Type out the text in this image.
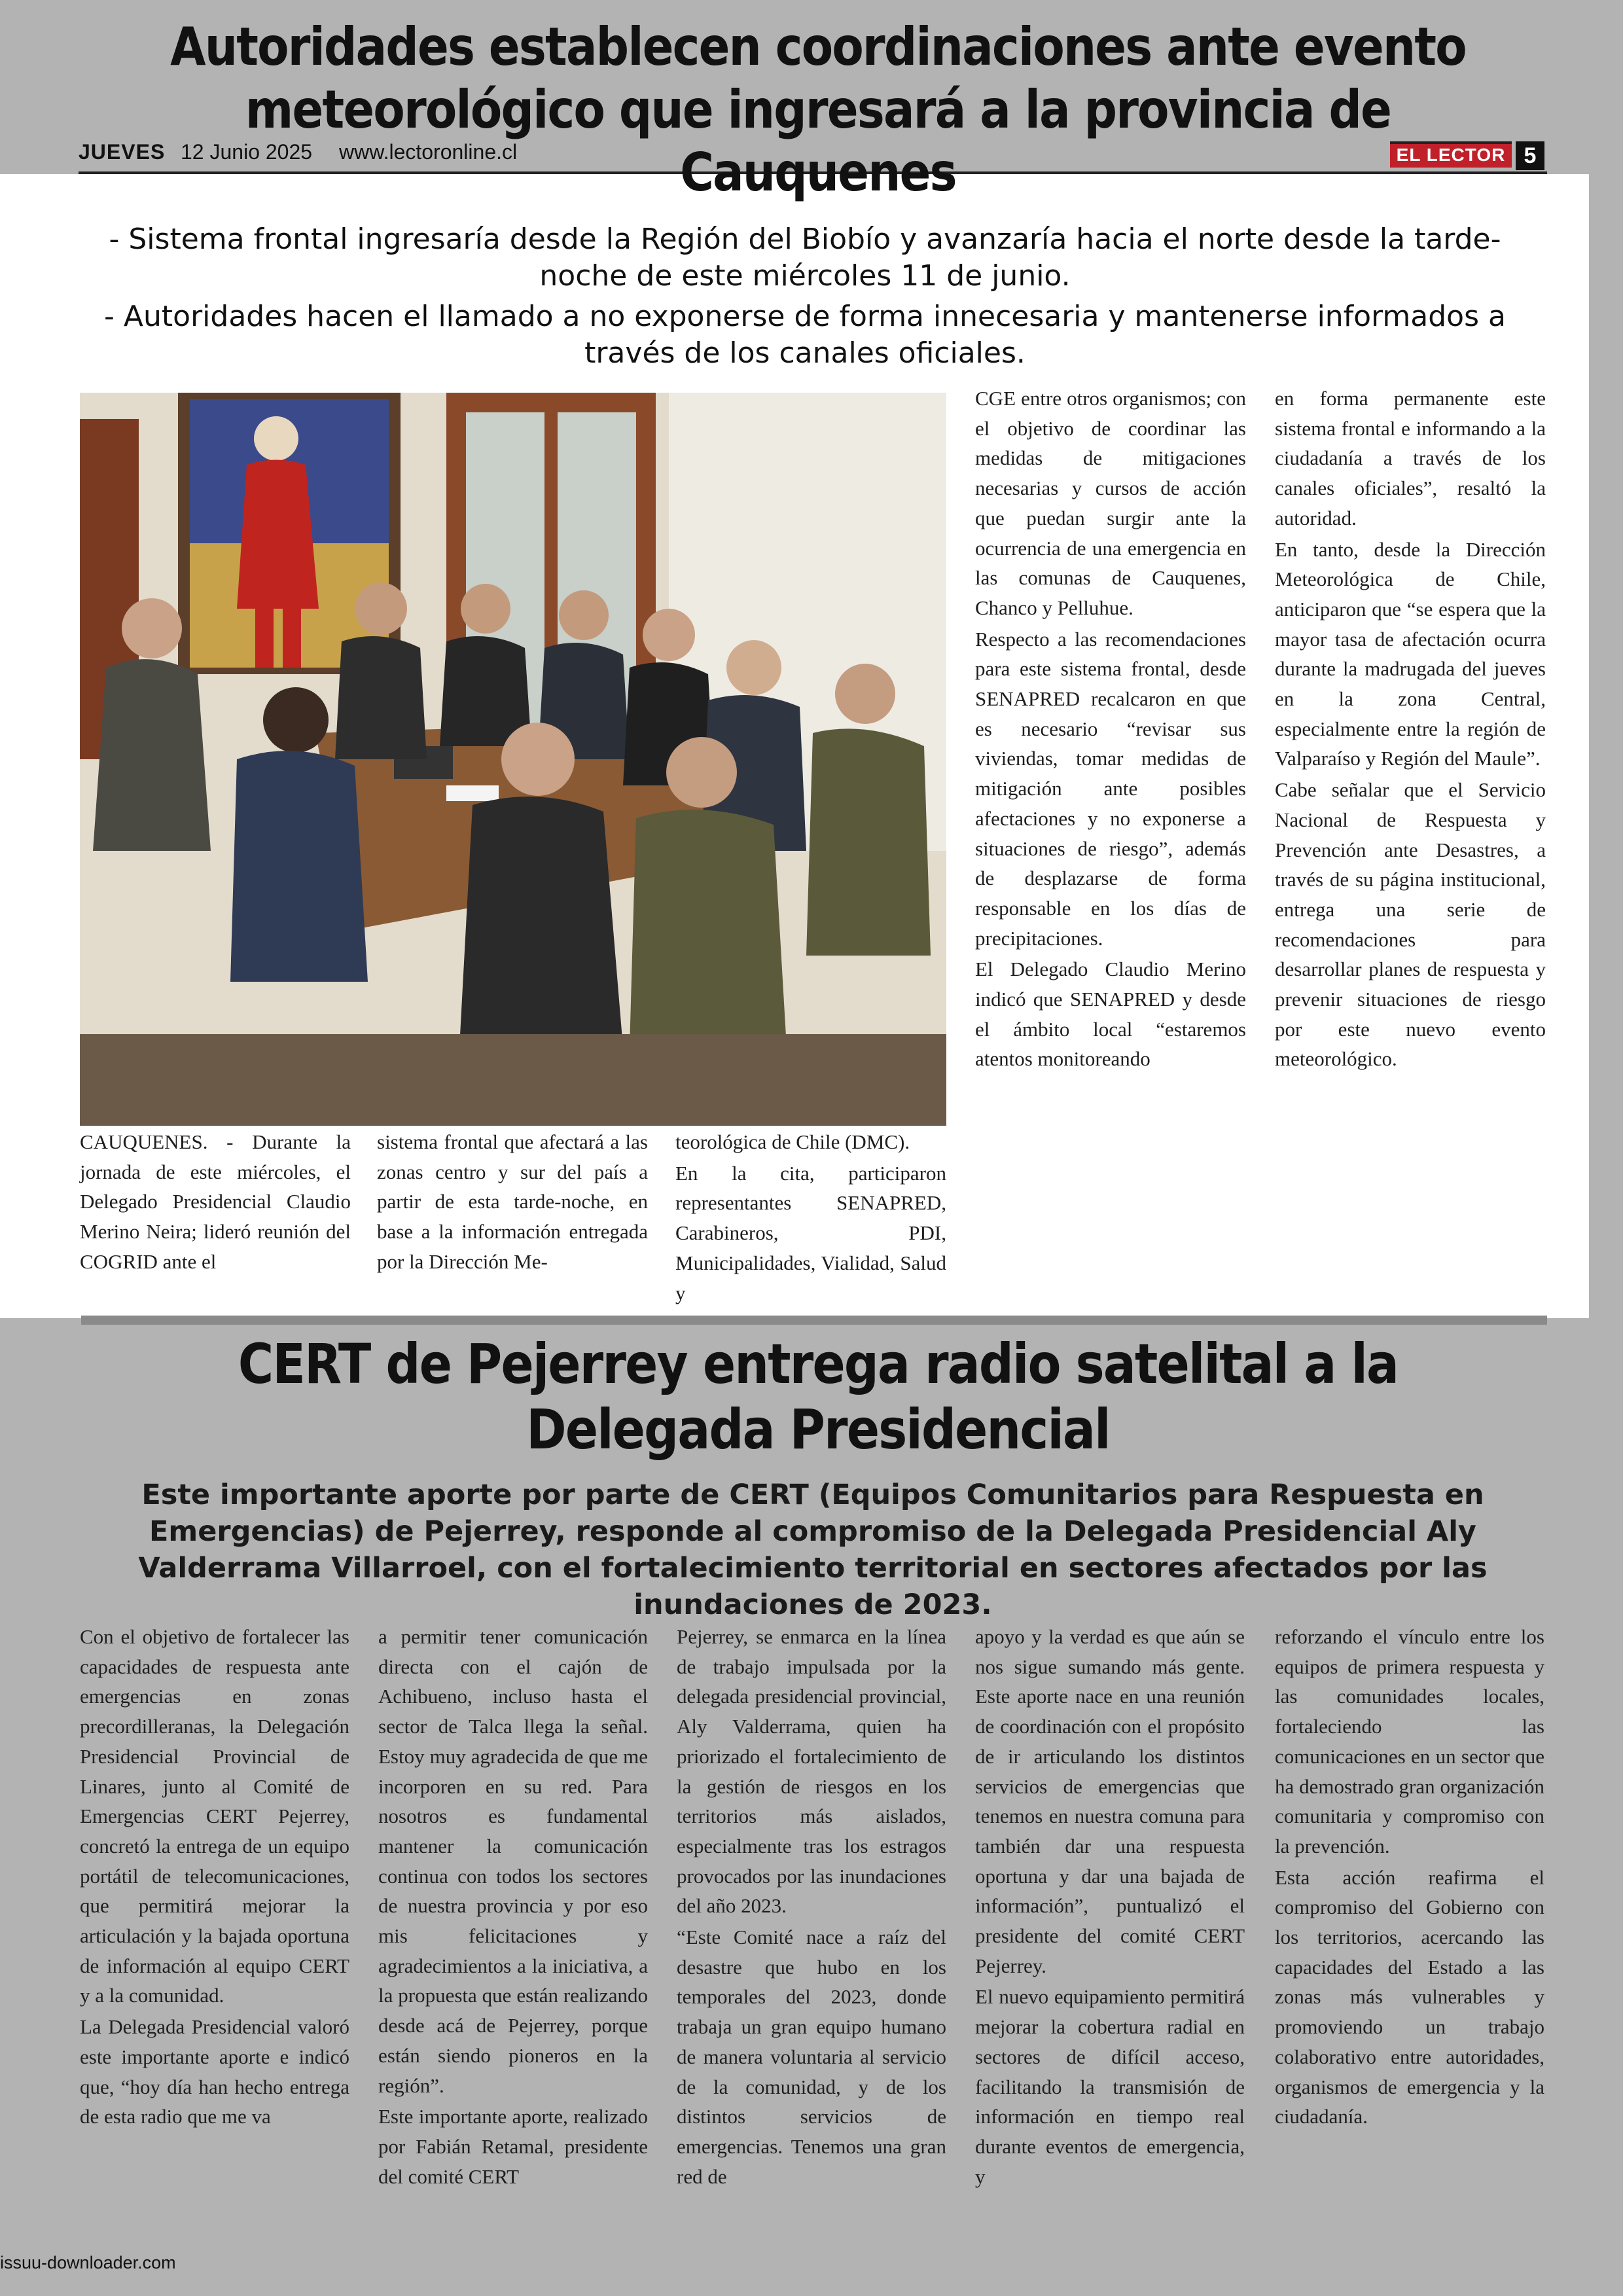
JUEVES 12 Junio 2025 www.lectoronline.cl	EL LECTOR 5
Autoridades establecen coordinaciones ante evento meteorológico que ingresará a la provincia de Cauquenes
- Sistema frontal ingresaría desde la Región del Biobío y avanzaría hacia el norte desde la tarde-noche de este miércoles 11 de junio.
- Autoridades hacen el llamado a no exponerse de forma innecesaria y mantenerse informados a través de los canales oficiales.

CAUQUENES. - Durante la jornada de este miércoles, el Delegado Presidencial Claudio Merino Neira; lideró reunión del COGRID ante el

sistema frontal que afectará a las zonas centro y sur del país a partir de esta tarde-noche, en base a la información entregada por la Dirección Me-

teorológica de Chile (DMC).

En la cita, participaron representantes SENAPRED, Carabineros, PDI, Municipalidades, Vialidad, Salud y

CGE entre otros organismos; con el objetivo de coordinar las medidas de mitigaciones necesarias y cursos de acción que puedan surgir ante la ocurrencia de una emergencia en las comunas de Cauquenes, Chanco y Pelluhue.

Respecto a las recomendaciones para este sistema frontal, desde SENAPRED recalcaron en que es necesario “revisar sus viviendas, tomar medidas de mitigación ante posibles afectaciones y no exponerse a situaciones de riesgo”, además de desplazarse de forma responsable en los días de precipitaciones.

El Delegado Claudio Merino indicó que SENAPRED y desde el ámbito local “estaremos atentos monitoreando

en forma permanente este sistema frontal e informando a la ciudadanía a través de los canales oficiales”, resaltó la autoridad.

En tanto, desde la Dirección Meteorológica de Chile, anticiparon que “se espera que la mayor tasa de afectación ocurra durante la madrugada del jueves en la zona Central, especialmente entre la región de Valparaíso y Región del Maule”.

Cabe señalar que el Servicio Nacional de Respuesta y Prevención ante Desastres, a través de su página institucional, entrega una serie de recomendaciones para desarrollar planes de respuesta y prevenir situaciones de riesgo por este nuevo evento meteorológico.

CERT de Pejerrey entrega radio satelital a la Delegada Presidencial
Este importante aporte por parte de CERT (Equipos Comunitarios para Respuesta en Emergencias) de Pejerrey, responde al compromiso de la Delegada Presidencial Aly Valderrama Villarroel, con el fortalecimiento territorial en sectores afectados por las inundaciones de 2023.

Con el objetivo de fortalecer las capacidades de respuesta ante emergencias en zonas precordilleranas, la Delegación Presidencial Provincial de Linares, junto al Comité de Emergencias CERT Pejerrey, concretó la entrega de un equipo portátil de telecomunicaciones, que permitirá mejorar la articulación y la bajada oportuna de información al equipo CERT y a la comunidad.

La Delegada Presidencial valoró este importante aporte e indicó que, “hoy día han hecho entrega de esta radio que me va

a permitir tener comunicación directa con el cajón de Achibueno, incluso hasta el sector de Talca llega la señal. Estoy muy agradecida de que me incorporen en su red. Para nosotros es fundamental mantener la comunicación continua con todos los sectores de nuestra provincia y por eso mis felicitaciones y agradecimientos a la iniciativa, a la propuesta que están realizando desde acá de Pejerrey, porque están siendo pioneros en la región”.

Este importante aporte, realizado por Fabián Retamal, presidente del comité CERT

Pejerrey, se enmarca en la línea de trabajo impulsada por la delegada presidencial provincial, Aly Valderrama, quien ha priorizado el fortalecimiento de la gestión de riesgos en los territorios más aislados, especialmente tras los estragos provocados por las inundaciones del año 2023.

“Este Comité nace a raíz del desastre que hubo en los temporales del 2023, donde trabaja un gran equipo humano de manera voluntaria al servicio de la comunidad, y de los distintos servicios de emergencias. Tenemos una gran red de

apoyo y la verdad es que aún se nos sigue sumando más gente. Este aporte nace en una reunión de coordinación con el propósito de ir articulando los distintos servicios de emergencias que tenemos en nuestra comuna para también dar una respuesta oportuna y dar una bajada de información”, puntualizó el presidente del comité CERT Pejerrey.

El nuevo equipamiento permitirá mejorar la cobertura radial en sectores de difícil acceso, facilitando la transmisión de información en tiempo real durante eventos de emergencia, y

reforzando el vínculo entre los equipos de primera respuesta y las comunidades locales, fortaleciendo las comunicaciones en un sector que ha demostrado gran organización comunitaria y compromiso con la prevención.

Esta acción reafirma el compromiso del Gobierno con los territorios, acercando las capacidades del Estado a las zonas más vulnerables y promoviendo un trabajo colaborativo entre autoridades, organismos de emergencia y la ciudadanía.

issuu-downloader.com
